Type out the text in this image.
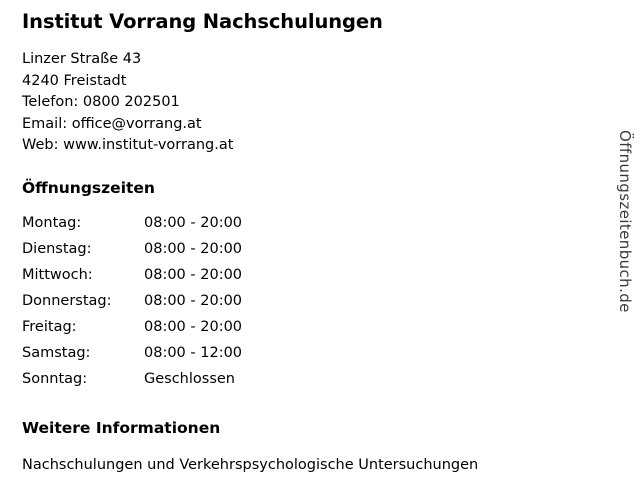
Institut Vorrang Nachschulungen
Linzer Straße 43
4240 Freistadt
Telefon: 0800 202501
Email: office@vorrang.at
Web: www.institut-vorrang.at
Öffnungszeiten
Montag:	08:00 - 20:00
Dienstag:	08:00 - 20:00
Mittwoch:	08:00 - 20:00
Donnerstag:	08:00 - 20:00
Freitag:	08:00 - 20:00
Samstag:	08:00 - 12:00
Sonntag:	Geschlossen
Weitere Informationen
Nachschulungen und Verkehrspsychologische Untersuchungen
Öffnungszeitenbuch.de
